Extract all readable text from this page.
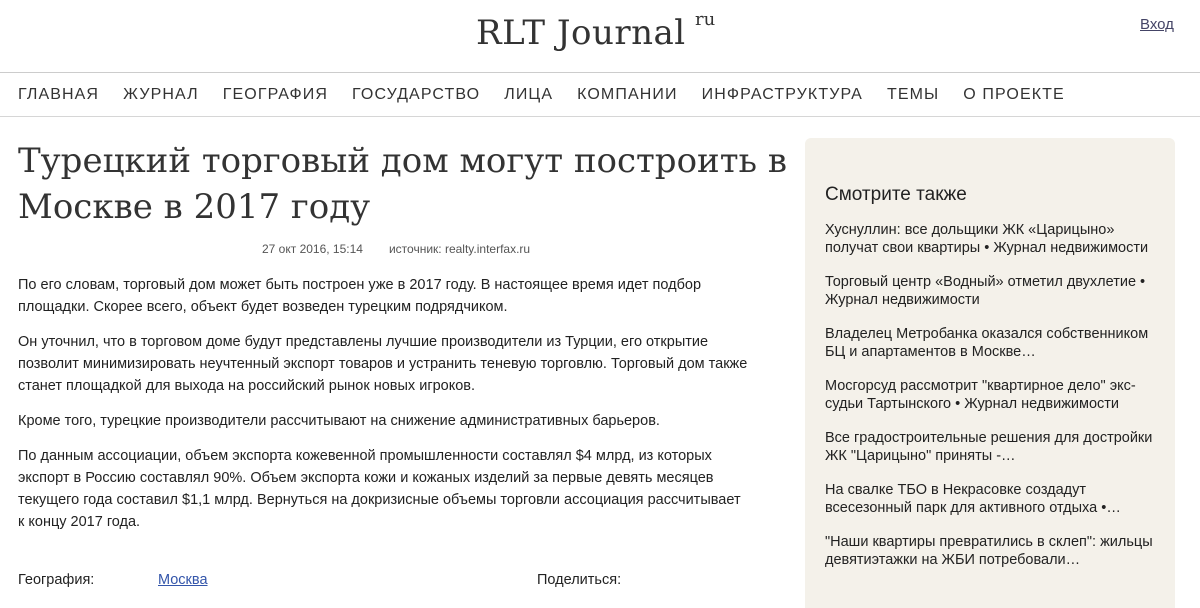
RLT Journal ru	Вход
ГЛАВНАЯ ЖУРНАЛ ГЕОГРАФИЯ ГОСУДАРСТВО ЛИЦА КОМПАНИИ ИНФРАСТРУКТУРА ТЕМЫ О ПРОЕКТЕ
Турецкий торговый дом могут построить в Москве в 2017 году
27 окт 2016, 15:14 источник: realty.interfax.ru

По его словам, торговый дом может быть построен уже в 2017 году. В настоящее время идет подбор площадки. Скорее всего, объект будет возведен турецким подрядчиком.

Он уточнил, что в торговом доме будут представлены лучшие производители из Турции, его открытие позволит минимизировать неучтенный экспорт товаров и устранить теневую торговлю. Торговый дом также станет площадкой для выхода на российский рынок новых игроков.

Кроме того, турецкие производители рассчитывают на снижение административных барьеров.

По данным ассоциации, объем экспорта кожевенной промышленности составлял $4 млрд, из которых экспорт в Россию составлял 90%. Объем экспорта кожи и кожаных изделий за первые девять месяцев текущего года составил $1,1 млрд. Вернуться на докризисные объемы торговли ассоциация рассчитывает к концу 2017 года.

География:	Москва	Поделиться:
Смотрите также
Хуснуллин: все дольщики ЖК «Царицыно» получат свои квартиры • Журнал недвижимости
Торговый центр «Водный» отметил двухлетие • Журнал недвижимости
Владелец Метробанка оказался собственником БЦ и апартаментов в Москве…
Мосгорсуд рассмотрит "квартирное дело" экс-судьи Тартынского • Журнал недвижимости
Все градостроительные решения для достройки ЖК "Царицыно" приняты -…
На свалке ТБО в Некрасовке создадут всесезонный парк для активного отдыха •…
"Наши квартиры превратились в склеп": жильцы девятиэтажки на ЖБИ потребовали…
